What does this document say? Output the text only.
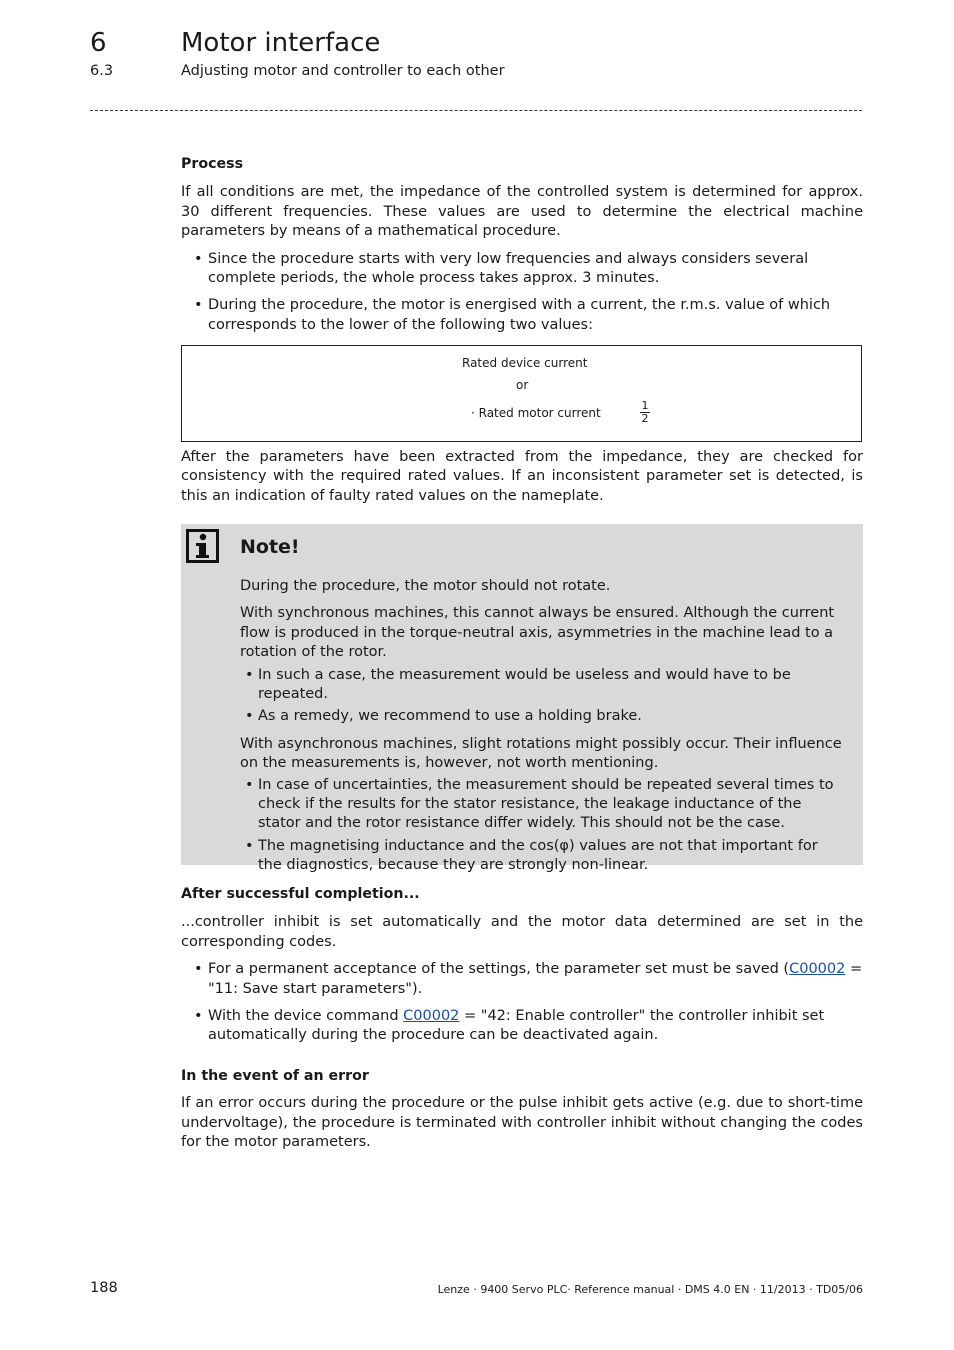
6	Motor interface
6.3	Adjusting motor and controller to each other
Process

If all conditions are met, the impedance of the controlled system is determined for approx. 30 different frequencies. These values are used to determine the electrical machine parameters by means of a mathematical procedure.

• Since the procedure starts with very low frequencies and always considers several complete periods, the whole process takes approx. 3 minutes.
• During the procedure, the motor is energised with a current, the r.m.s. value of which corresponds to the lower of the following two values:
Rated device current
or
$\frac{1}{2}$
· Rated motor current

After the parameters have been extracted from the impedance, they are checked for consistency with the required rated values. If an inconsistent parameter set is detected, is this an indication of faulty rated values on the nameplate.

Note!

During the procedure, the motor should not rotate.

With synchronous machines, this cannot always be ensured. Although the current flow is produced in the torque-neutral axis, asymmetries in the machine lead to a rotation of the rotor.

• In such a case, the measurement would be useless and would have to be repeated.
• As a remedy, we recommend to use a holding brake.

With asynchronous machines, slight rotations might possibly occur. Their influence on the measurements is, however, not worth mentioning.

• In case of uncertainties, the measurement should be repeated several times to check if the results for the stator resistance, the leakage inductance of the stator and the rotor resistance differ widely. This should not be the case.
• The magnetising inductance and the cos(φ) values are not that important for the diagnostics, because they are strongly non-linear.
After successful completion...

...controller inhibit is set automatically and the motor data determined are set in the corresponding codes.

• For a permanent acceptance of the settings, the parameter set must be saved (C00002 = "11: Save start parameters").
• With the device command C00002 = "42: Enable controller" the controller inhibit set automatically during the procedure can be deactivated again.
In the event of an error

If an error occurs during the procedure or the pulse inhibit gets active (e.g. due to short-time undervoltage), the procedure is terminated with controller inhibit without changing the codes for the motor parameters.

188	Lenze · 9400 Servo PLC· Reference manual · DMS 4.0 EN · 11/2013 · TD05/06
